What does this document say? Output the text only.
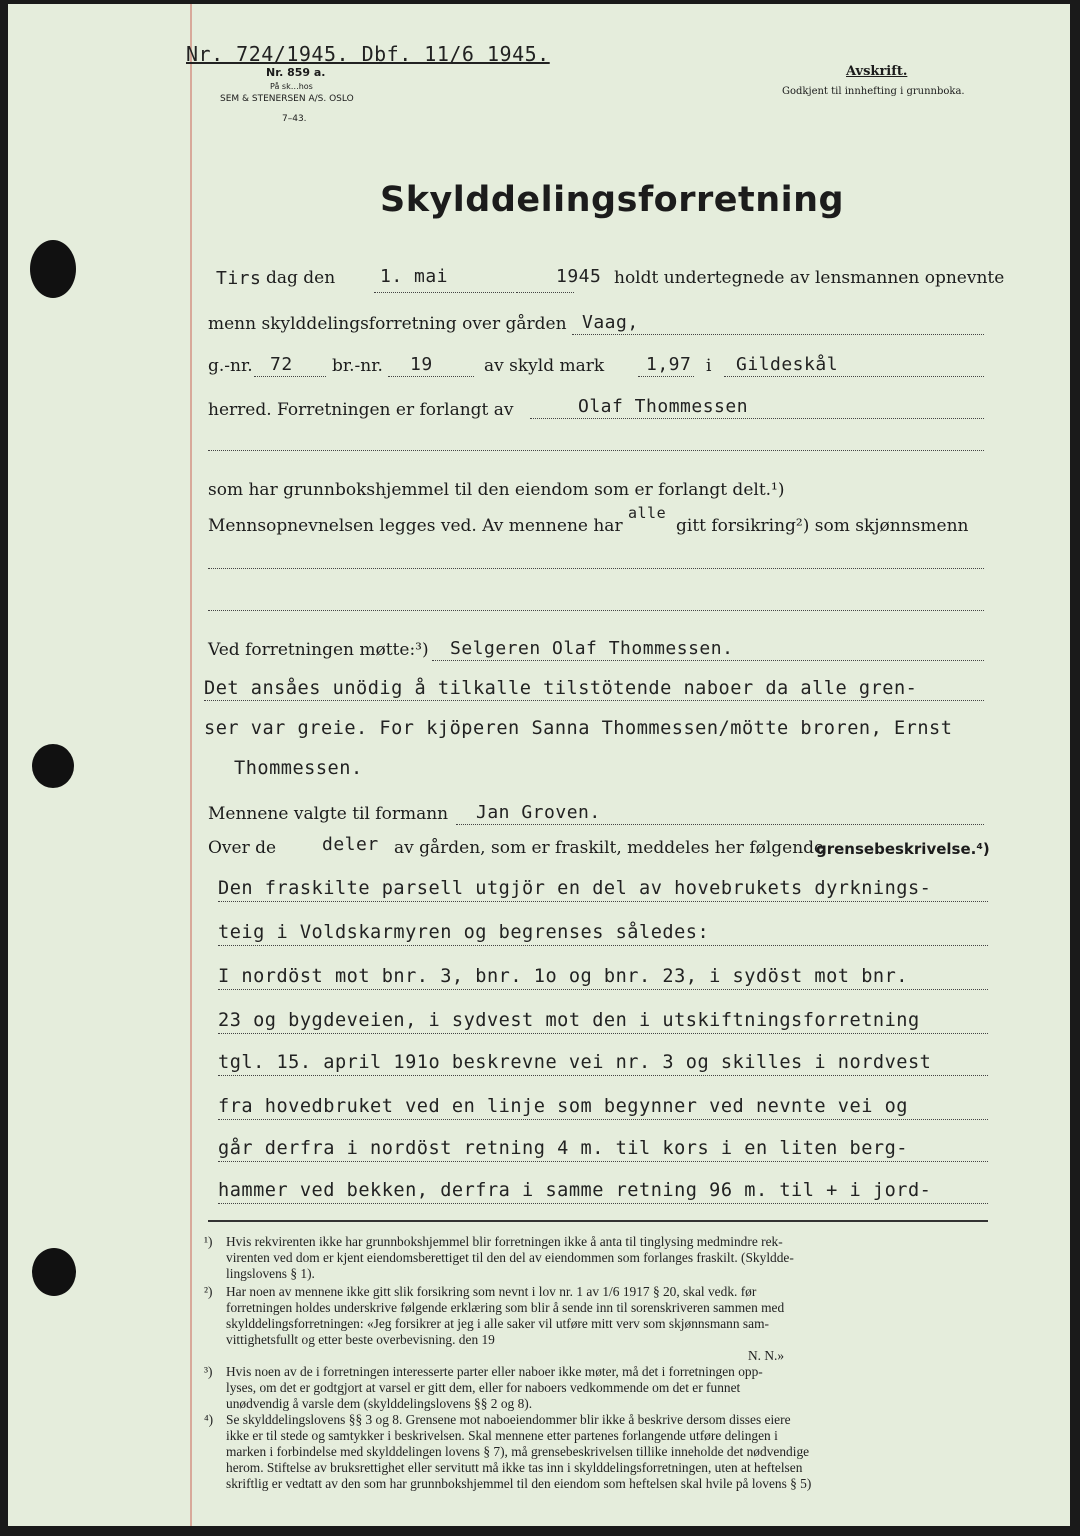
Nr. 724/1945. Dbf. 11/6 1945.
Nr. 859 a.
På sk…hos
SEM & STENERSEN A/S. OSLO
7–43.
Avskrift.
Godkjent til innhefting i grunnboka.
Skylddelingsforretning
Tirs dag den 1. mai	1945 holdt undertegnede av lensmannen opnevnte
menn skylddelingsforretning over gården Vaag,
g.-nr. 72 br.-nr. 19	av skyld mark 1,97 i Gildeskål
herred. Forretningen er forlangt av	Olaf Thommessen
som har grunnbokshjemmel til den eiendom som er forlangt delt.¹)
Mennsopnevnelsen legges ved. Av mennene har
alle
gitt forsikring²) som skjønnsmenn
Ved forretningen møtte:³) Selgeren Olaf Thommessen.
Det ansåes unödig å tilkalle tilstötende naboer da alle gren-
ser var greie. For kjöperen Sanna Thommessen/mötte broren, Ernst
Thommessen.
Mennene valgte til formann Jan Groven.
Over de	deler av gården, som er fraskilt, meddeles her følgende
grensebeskrivelse.⁴)
Den fraskilte parsell utgjör en del av hovebrukets dyrknings-
teig i Voldskarmyren og begrenses således:
I nordöst mot bnr. 3, bnr. 1o og bnr. 23, i sydöst mot bnr.
23 og bygdeveien, i sydvest mot den i utskiftningsforretning
tgl. 15. april 191o beskrevne vei nr. 3 og skilles i nordvest
fra hovedbruket ved en linje som begynner ved nevnte vei og
går derfra i nordöst retning 4 m. til kors i en liten berg-
hammer ved bekken, derfra i samme retning 96 m. til + i jord-
¹) Hvis rekvirenten ikke har grunnbokshjemmel blir forretningen ikke å anta til tinglysing medmindre rek-
virenten ved dom er kjent eiendomsberettiget til den del av eiendommen som forlanges fraskilt. (Skyldde-
lingslovens § 1).
²) Har noen av mennene ikke gitt slik forsikring som nevnt i lov nr. 1 av 1/6 1917 § 20, skal vedk. før
forretningen holdes underskrive følgende erklæring som blir å sende inn til sorenskriveren sammen med
skylddelingsforretningen: «Jeg forsikrer at jeg i alle saker vil utføre mitt verv som skjønnsmann sam-
vittighetsfullt og etter beste overbevisning. den 19
N. N.»
³) Hvis noen av de i forretningen interesserte parter eller naboer ikke møter, må det i forretningen opp-
lyses, om det er godtgjort at varsel er gitt dem, eller for naboers vedkommende om det er funnet
unødvendig å varsle dem (skylddelingslovens §§ 2 og 8).
⁴) Se skylddelingslovens §§ 3 og 8. Grensene mot naboeiendommer blir ikke å beskrive dersom disses eiere
ikke er til stede og samtykker i beskrivelsen. Skal mennene etter partenes forlangende utføre delingen i
marken i forbindelse med skylddelingen lovens § 7), må grensebeskrivelsen tillike inneholde det nødvendige
herom. Stiftelse av bruksrettighet eller servitutt må ikke tas inn i skylddelingsforretningen, uten at heftelsen
skriftlig er vedtatt av den som har grunnbokshjemmel til den eiendom som heftelsen skal hvile på lovens § 5)
